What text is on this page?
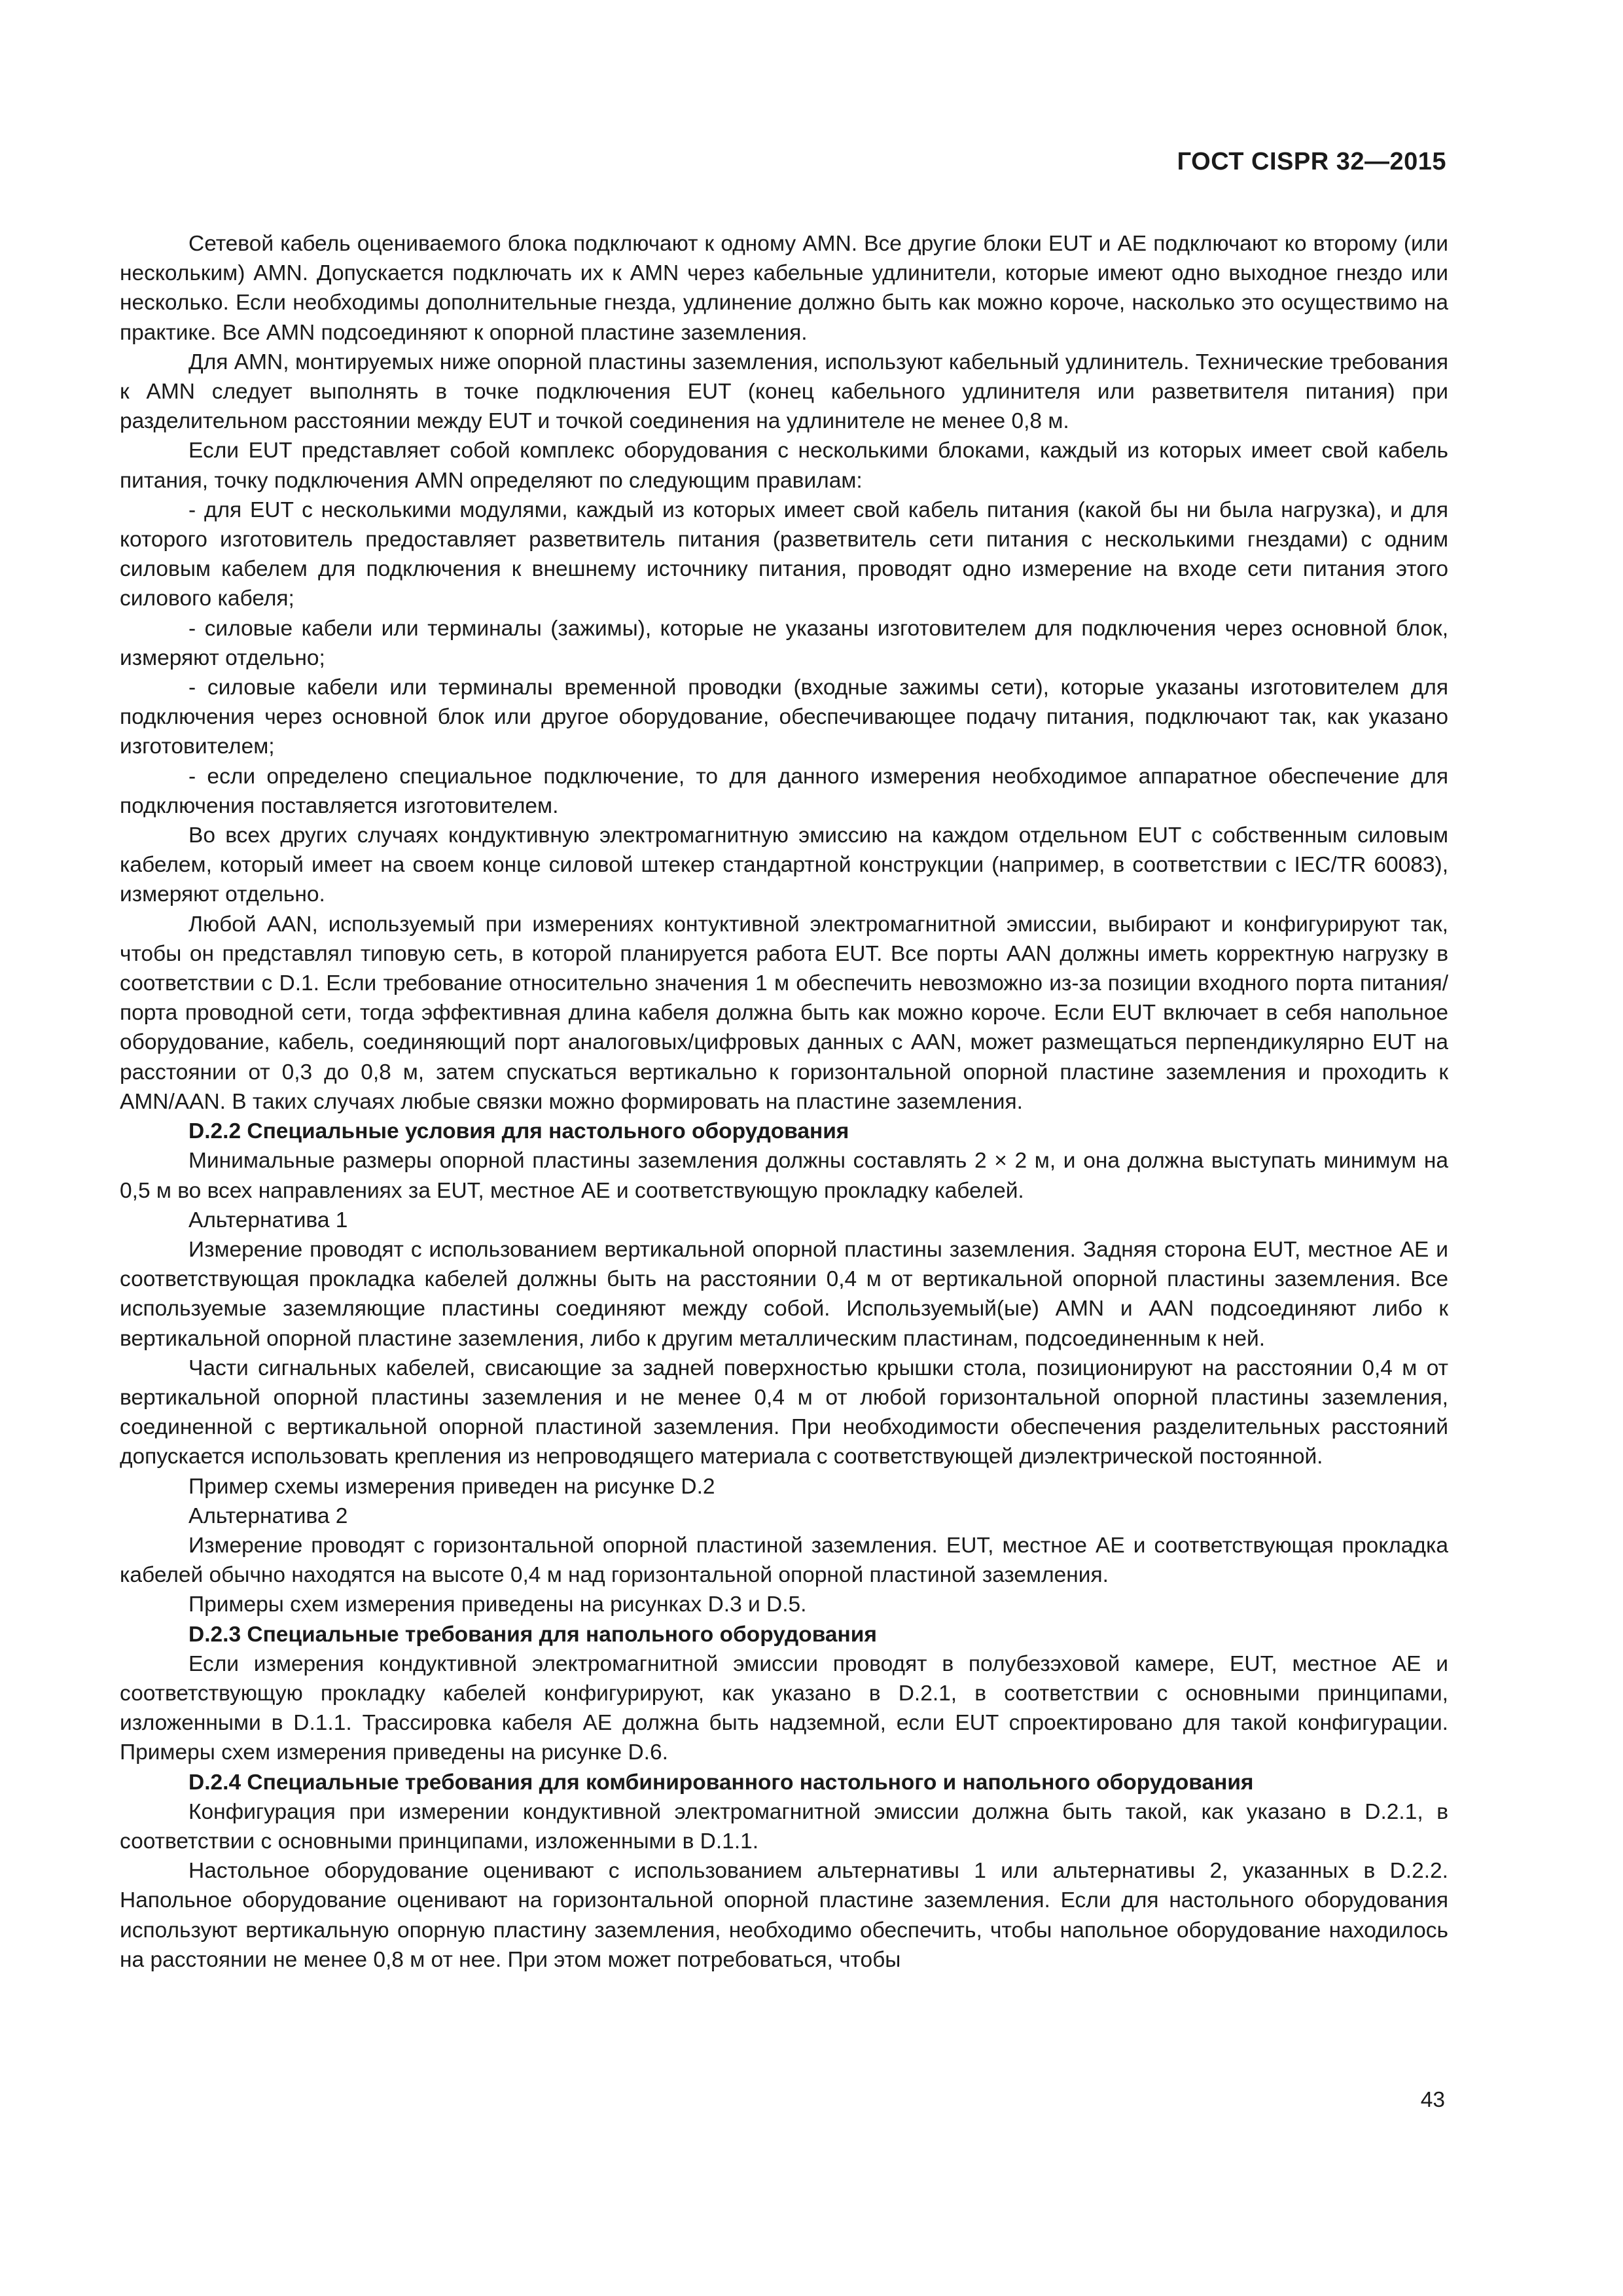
ГОСТ CISPR 32—2015

Сетевой кабель оцениваемого блока подключают к одному AMN. Все другие блоки EUT и АЕ подключают ко второму (или нескольким) AMN. Допускается подключать их к AMN через кабельные удлинители, которые имеют одно выходное гнездо или несколько. Если необходимы дополнительные гнезда, удлинение должно быть как можно короче, насколько это осуществимо на практике. Все AMN подсоединяют к опорной пластине заземления.

Для AMN, монтируемых ниже опорной пластины заземления, используют кабельный удлинитель. Технические требования к AMN следует выполнять в точке подключения EUT (конец кабельного удлинителя или разветвителя питания) при разделительном расстоянии между EUT и точкой соединения на удлинителе не менее 0,8 м.

Если EUT представляет собой комплекс оборудования с несколькими блоками, каждый из которых имеет свой кабель питания, точку подключения AMN определяют по следующим правилам:

- для EUT с несколькими модулями, каждый из которых имеет свой кабель питания (какой бы ни была нагрузка), и для которого изготовитель предоставляет разветвитель питания (разветвитель сети питания с несколькими гнездами) с одним силовым кабелем для подключения к внешнему источнику питания, проводят одно измерение на входе сети питания этого силового кабеля;

- силовые кабели или терминалы (зажимы), которые не указаны изготовителем для подключения через основной блок, измеряют отдельно;

- силовые кабели или терминалы временной проводки (входные зажимы сети), которые указаны изготовителем для подключения через основной блок или другое оборудование, обеспечивающее подачу питания, подключают так, как указано изготовителем;

- если определено специальное подключение, то для данного измерения необходимое аппаратное обеспечение для подключения поставляется изготовителем.

Во всех других случаях кондуктивную электромагнитную эмиссию на каждом отдельном EUT с собственным силовым кабелем, который имеет на своем конце силовой штекер стандартной конструкции (например, в соответствии с IEC/TR 60083), измеряют отдельно.

Любой AAN, используемый при измерениях контуктивной электромагнитной эмиссии, выбирают и конфигурируют так, чтобы он представлял типовую сеть, в которой планируется работа EUT. Все порты AAN должны иметь корректную нагрузку в соответствии с D.1. Если требование относительно значения 1 м обеспечить невозможно из-за позиции входного порта питания/порта проводной сети, тогда эффективная длина кабеля должна быть как можно короче. Если EUT включает в себя напольное оборудование, кабель, соединяющий порт аналоговых/цифровых данных с AAN, может размещаться перпендикулярно EUT на расстоянии от 0,3 до 0,8 м, затем спускаться вертикально к горизонтальной опорной пластине заземления и проходить к AMN/AAN. В таких случаях любые связки можно формировать на пластине заземления.

D.2.2 Специальные условия для настольного оборудования

Минимальные размеры опорной пластины заземления должны составлять 2 × 2 м, и она должна выступать минимум на 0,5 м во всех направлениях за EUT, местное АЕ и соответствующую прокладку кабелей.

Альтернатива 1

Измерение проводят с использованием вертикальной опорной пластины заземления. Задняя сторона EUT, местное АЕ и соответствующая прокладка кабелей должны быть на расстоянии 0,4 м от вертикальной опорной пластины заземления. Все используемые заземляющие пластины соединяют между собой. Используемый(ые) AMN и AAN подсоединяют либо к вертикальной опорной пластине заземления, либо к другим металлическим пластинам, подсоединенным к ней.

Части сигнальных кабелей, свисающие за задней поверхностью крышки стола, позиционируют на расстоянии 0,4 м от вертикальной опорной пластины заземления и не менее 0,4 м от любой горизонтальной опорной пластины заземления, соединенной с вертикальной опорной пластиной заземления. При необходимости обеспечения разделительных расстояний допускается использовать крепления из непроводящего материала с соответствующей диэлектрической постоянной.

Пример схемы измерения приведен на рисунке D.2

Альтернатива 2

Измерение проводят с горизонтальной опорной пластиной заземления. EUT, местное АЕ и соответствующая прокладка кабелей обычно находятся на высоте 0,4 м над горизонтальной опорной пластиной заземления.

Примеры схем измерения приведены на рисунках D.3 и D.5.

D.2.3 Специальные требования для напольного оборудования

Если измерения кондуктивной электромагнитной эмиссии проводят в полубезэховой камере, EUT, местное АЕ и соответствующую прокладку кабелей конфигурируют, как указано в D.2.1, в соответствии с основными принципами, изложенными в D.1.1. Трассировка кабеля АЕ должна быть надземной, если EUT спроектировано для такой конфигурации. Примеры схем измерения приведены на рисунке D.6.

D.2.4 Специальные требования для комбинированного настольного и напольного оборудования

Конфигурация при измерении кондуктивной электромагнитной эмиссии должна быть такой, как указано в D.2.1, в соответствии с основными принципами, изложенными в D.1.1.

Настольное оборудование оценивают с использованием альтернативы 1 или альтернативы 2, указанных в D.2.2. Напольное оборудование оценивают на горизонтальной опорной пластине заземления. Если для настольного оборудования используют вертикальную опорную пластину заземления, необходимо обеспечить, чтобы напольное оборудование находилось на расстоянии не менее 0,8 м от нее. При этом может потребоваться, чтобы

43
